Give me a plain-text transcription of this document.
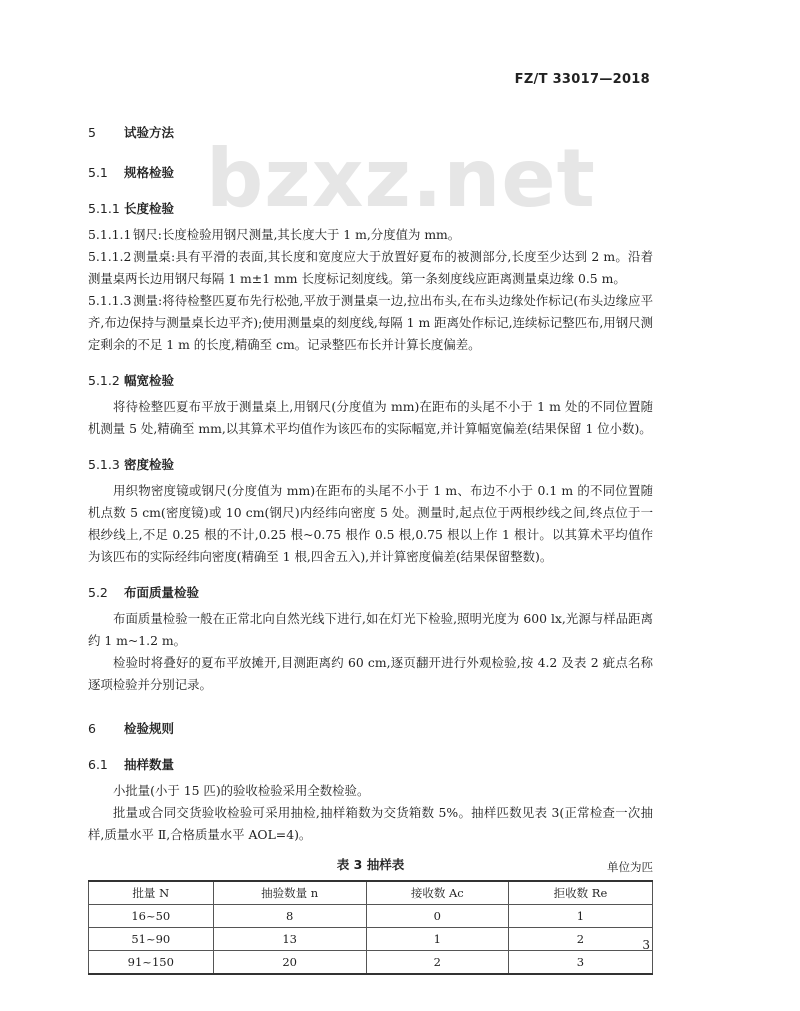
FZ/T 33017—2018
bzxz.net
5 试验方法
5.1 规格检验
5.1.1 长度检验

5.1.1.1 钢尺:长度检验用钢尺测量,其长度大于 1 m,分度值为 mm。

5.1.1.2 测量桌:具有平滑的表面,其长度和宽度应大于放置好夏布的被测部分,长度至少达到 2 m。沿着测量桌两长边用钢尺每隔 1 m±1 mm 长度标记刻度线。第一条刻度线应距离测量桌边缘 0.5 m。

5.1.1.3 测量:将待检整匹夏布先行松弛,平放于测量桌一边,拉出布头,在布头边缘处作标记(布头边缘应平齐,布边保持与测量桌长边平齐);使用测量桌的刻度线,每隔 1 m 距离处作标记,连续标记整匹布,用钢尺测定剩余的不足 1 m 的长度,精确至 cm。记录整匹布长并计算长度偏差。

5.1.2 幅宽检验

将待检整匹夏布平放于测量桌上,用钢尺(分度值为 mm)在距布的头尾不小于 1 m 处的不同位置随机测量 5 处,精确至 mm,以其算术平均值作为该匹布的实际幅宽,并计算幅宽偏差(结果保留 1 位小数)。

5.1.3 密度检验

用织物密度镜或钢尺(分度值为 mm)在距布的头尾不小于 1 m、布边不小于 0.1 m 的不同位置随机点数 5 cm(密度镜)或 10 cm(钢尺)内经纬向密度 5 处。测量时,起点位于两根纱线之间,终点位于一根纱线上,不足 0.25 根的不计,0.25 根~0.75 根作 0.5 根,0.75 根以上作 1 根计。以其算术平均值作为该匹布的实际经纬向密度(精确至 1 根,四舍五入),并计算密度偏差(结果保留整数)。

5.2 布面质量检验

布面质量检验一般在正常北向自然光线下进行,如在灯光下检验,照明光度为 600 lx,光源与样品距离约 1 m~1.2 m。

检验时将叠好的夏布平放摊开,目测距离约 60 cm,逐页翻开进行外观检验,按 4.2 及表 2 疵点名称逐项检验并分别记录。

6 检验规则
6.1 抽样数量

小批量(小于 15 匹)的验收检验采用全数检验。

批量或合同交货验收检验可采用抽检,抽样箱数为交货箱数 5%。抽样匹数见表 3(正常检查一次抽样,质量水平 Ⅱ,合格质量水平 AOL=4)。

表 3 抽样表	单位为匹
批量 N	抽验数量 n	接收数 Ac	拒收数 Re
16~50	8	0	1
51~90	13	1	2
91~150	20	2	3
3
